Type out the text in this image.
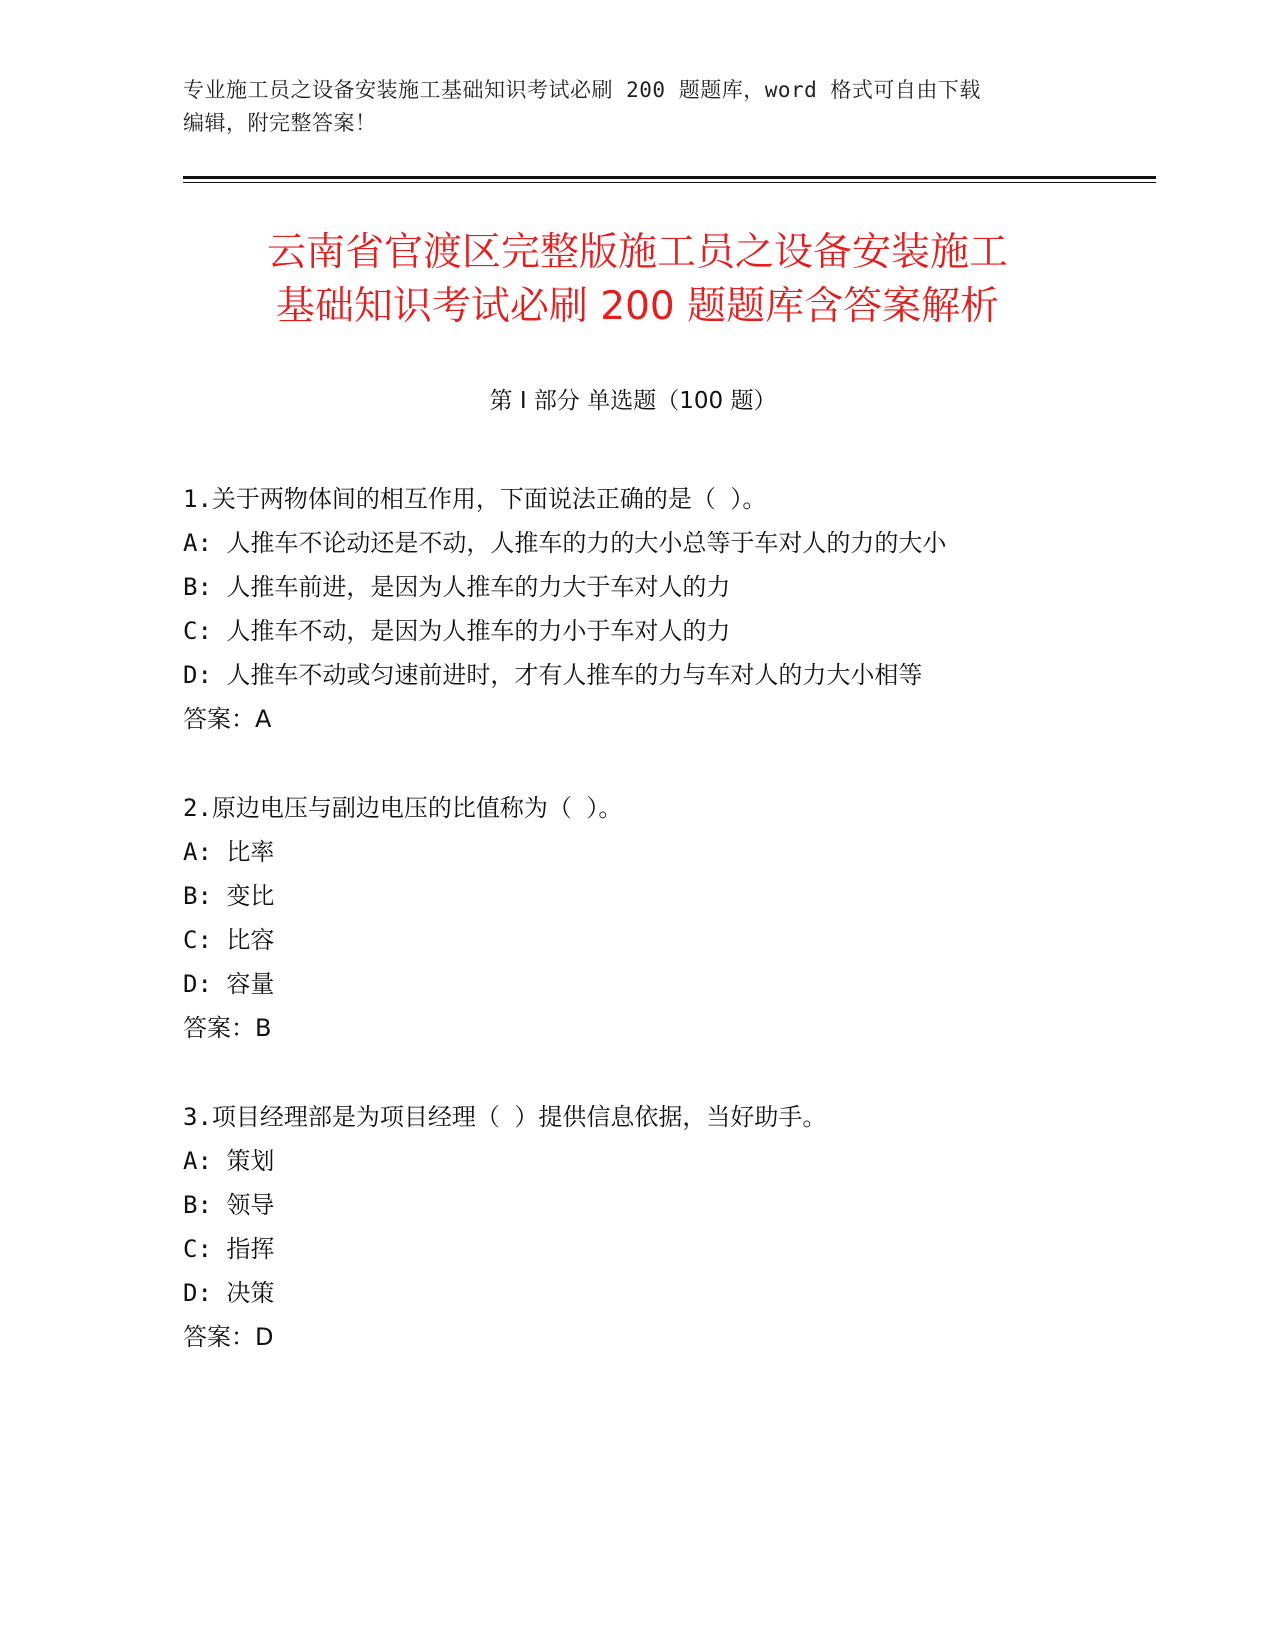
专业施工员之设备安装施工基础知识考试必刷 200 题题库，word 格式可自由下载
编辑，附完整答案！
云南省官渡区完整版施工员之设备安装施工
基础知识考试必刷 200 题题库含答案解析
第 I 部分 单选题（100 题）
1.关于两物体间的相互作用，下面说法正确的是（ ）。
A: 人推车不论动还是不动，人推车的力的大小总等于车对人的力的大小
B: 人推车前进，是因为人推车的力大于车对人的力
C: 人推车不动，是因为人推车的力小于车对人的力
D: 人推车不动或匀速前进时，才有人推车的力与车对人的力大小相等
答案：A
2.原边电压与副边电压的比值称为（ ）。
A: 比率
B: 变比
C: 比容
D: 容量
答案：B
3.项目经理部是为项目经理（ ）提供信息依据，当好助手。
A: 策划
B: 领导
C: 指挥
D: 决策
答案：D
